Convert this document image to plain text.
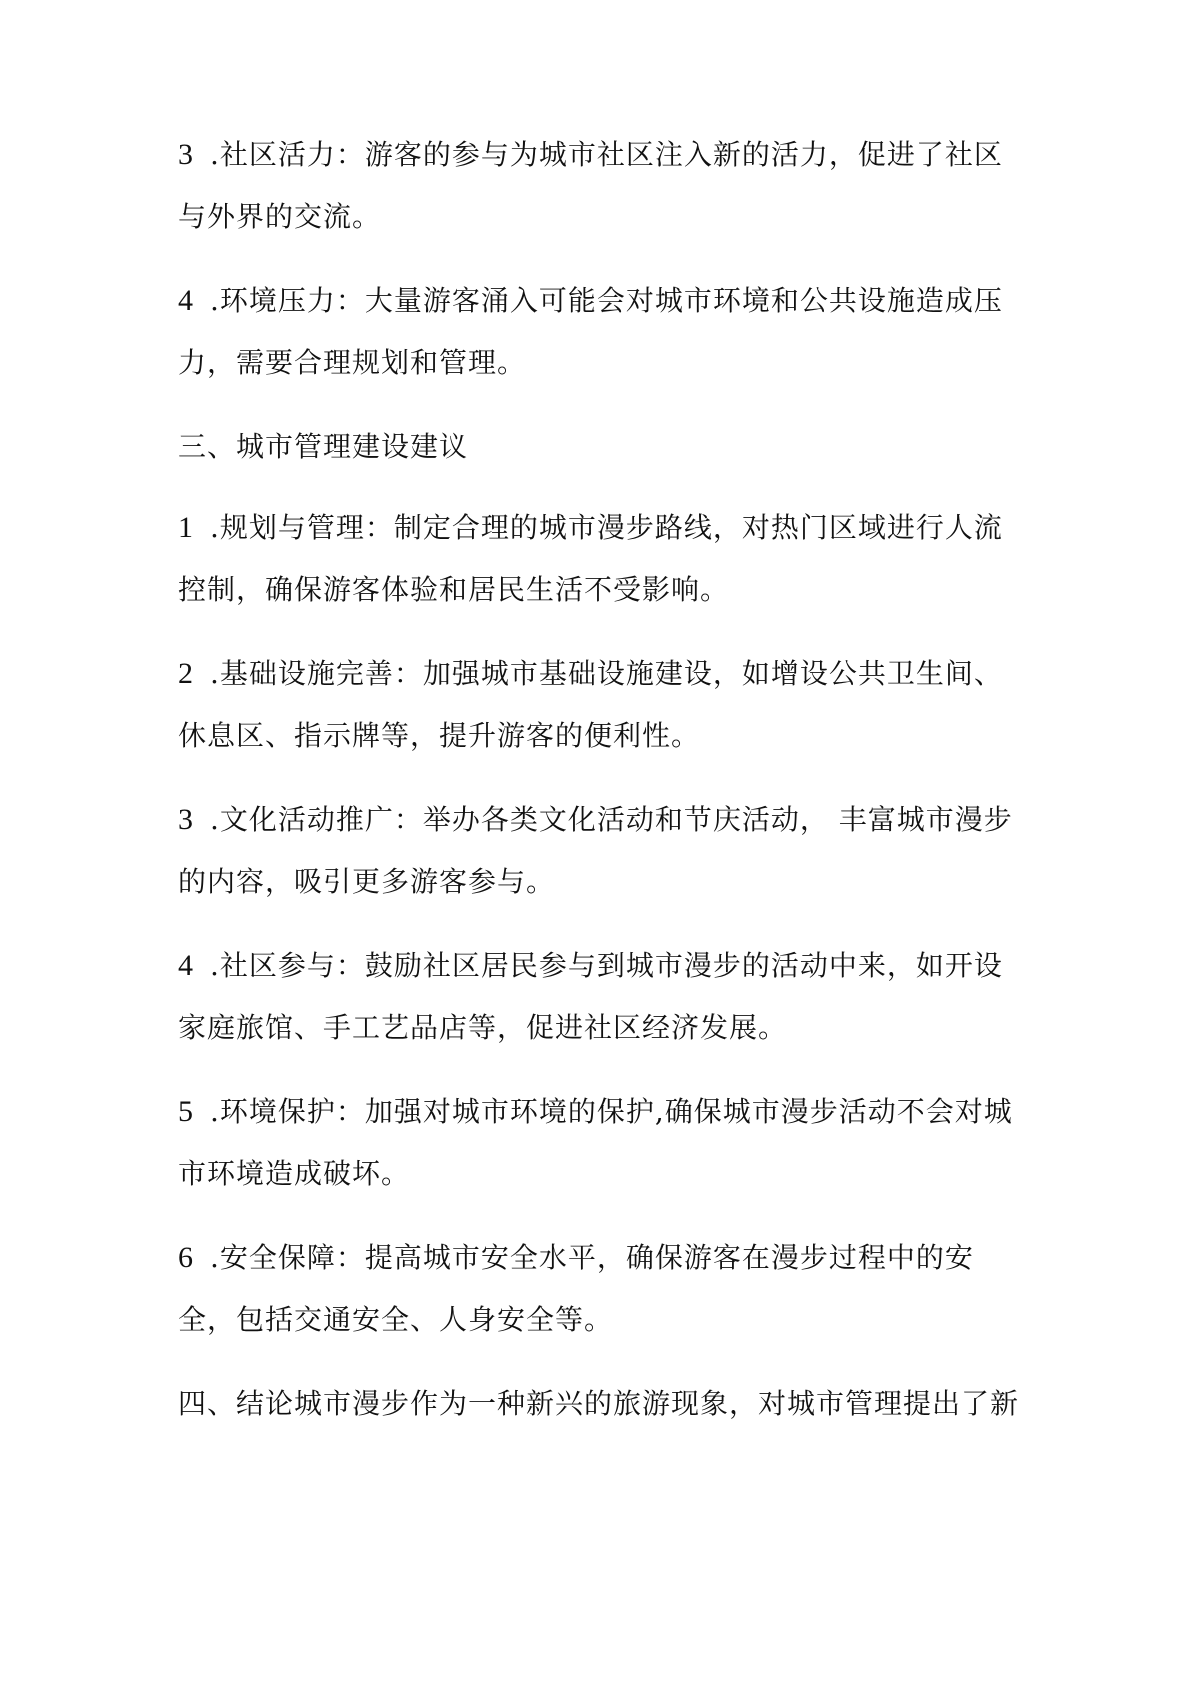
3 .社区活力：游客的参与为城市社区注入新的活力，促进了社区与外界的交流。

4 .环境压力：大量游客涌入可能会对城市环境和公共设施造成压力，需要合理规划和管理。

三、城市管理建设建议

1 .规划与管理：制定合理的城市漫步路线，对热门区域进行人流控制，确保游客体验和居民生活不受影响。

2 .基础设施完善：加强城市基础设施建设，如增设公共卫生间、休息区、指示牌等，提升游客的便利性。

3 .文化活动推广：举办各类文化活动和节庆活动， 丰富城市漫步的内容，吸引更多游客参与。

4 .社区参与：鼓励社区居民参与到城市漫步的活动中来，如开设家庭旅馆、手工艺品店等，促进社区经济发展。

5 .环境保护：加强对城市环境的保护,确保城市漫步活动不会对城市环境造成破坏。

6 .安全保障：提高城市安全水平，确保游客在漫步过程中的安全，包括交通安全、人身安全等。

四、结论城市漫步作为一种新兴的旅游现象，对城市管理提出了新
